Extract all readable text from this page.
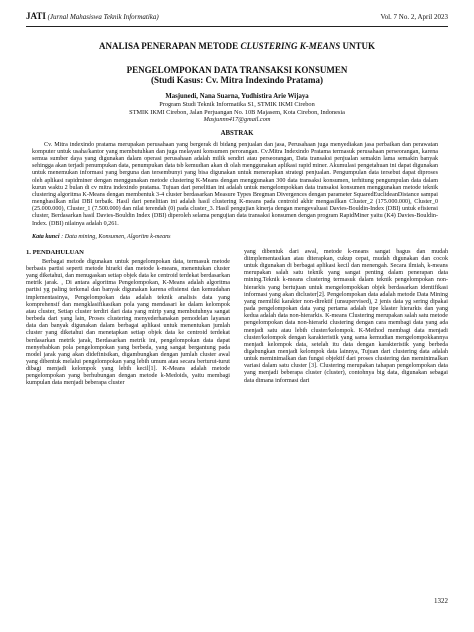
JATI (Jurnal Mahasiswa Teknik Informatika)	Vol. 7 No. 2, April 2023
ANALISA PENERAPAN METODE CLUSTERING K-MEANS UNTUK
PENGELOMPOKAN DATA TRANSAKSI KONSUMEN
(Studi Kasus: Cv. Mitra Indexindo Pratama)
Masjunedi, Nana Suarna, Yudhistira Arie Wijaya
Program Studi Teknik Informatika S1, STMIK IKMI Cirebon
STMIK IKMI Cirebon, Jalan Perjuangan No. 10B Majasem, Kota Cirebon, Indonesia
Masjunnn417@gmail.com
ABSTRAK
Cv. Mitra indexindo pratama merupakan perusahaan yang bergerak di bidang penjualan dan jasa, Perusahaan juga menyediakan jasa perbaikan dan perawatan komputer untuk usaha/kantor yang membutuhkan dan juga melayani konsumen perorangan. Cv.Mitra Indexindo Pratama termasuk perusahaan perseorangan, karena semua sumber daya yang digunakan dalam operasi perusahaan adalah milik sendiri atau perseorangan, Data transaksi penjualan semakin lama semakin banyak sehingga akan terjadi penumpukan data, penumpukan data tsb kemudian akan di olah menggunakan aplikasi rapid miner. Akumulasi pengetahuan ini dapat digunakan untuk menemukan informasi yang berguna dan tersembunyi yang bisa digunakan untuk menerapkan strategi penjualan. Pengumpulan data tersebut dapat diproses oleh aplikasi rapidminer dengan menggunakan metode clustering K-Means dengan menggunakan 300 data transaksi konsumen, terhitung pengumpulan data dalam kurun waktu 2 bulan di cv mitra indexindo pratama. Tujuan dari penelitian ini adalah untuk mengelompokkan data transaksi konsumen menggunakan metode teknik clustering algoritma K-Means dengan membentuk 3-4 cluster berdasarkan Measure Types Bregman Divergences dengan parameter SquaredEuclideanDistance sampai menghasilkan nilai DBI terbaik. Hasil dari penelitian ini adalah hasil clustering K-means pada centroid akhir mengasilkan Cluster_2 (175.000.000), Cluster_0 (25.000.000), Cluster_1 (7.500.000) dan nilai terendah (0) pada cluster_3. Hasil pengujian kinerja dengan mengevaluasi Davies-Bouldin-Index (DBI) untuk efisiensi cluster, Berdasarkan hasil Davies-Bouldin Index (DBI) diperoleh selama pengujian data transaksi konsumen dengan program RapidMiner yaitu (K4) Davies-Bouldin-Index. (DBI) nilainya adalah 0,261.
Kata kunci : Data mining, Konsumen, Algoritm k-means
1. PENDAHULUAN

Berbagai metode digunakan untuk pengelompokan data, termasuk metode berbasis partisi seperti metode hirarki dan metode k-means, menentukan cluster yang diketahui, dan menugaskan setiap objek data ke centroid terdekat berdasarkan metrik jarak. , Di antara algoritma Pengelompokan, K-Means adalah algoritma partisi yg paling terkenal dan banyak digunakan karena efisiensi dan kemudahan implementasinya, Pengelompokan data adalah teknik analisis data yang komprehensif dan mengklasifikasikan pola yang mendasari ke dalam kelompok atau cluster, Setiap cluster terdiri dari data yang mirip yang membutuhnya sangat berbeda dari yang lain, Proses clustering menyederhanakan pemodelan layanan data dan banyak digunakan dalam berbagai aplikasi untuk menentukan jumlah cluster yang diketahui dan menetapkan setiap objek data ke centroid terdekat berdasarkan metrik jarak, Berdasarkan metrik ini, pengelompokan data dapat menyebabkan pola pengelompokan yang berbeda, yang sangat bergantung pada model jarak yang akan didefinisikan, digambungkan dengan jumlah cluster awal yang dibentuk melalui pengelompokan yang lebih umum atau secara berturut-turut dibagi menjadi kelompok yang lebih kecil[1]. K-Means adalah metode pengelompokan yang berhubungan dengan metode k-Medoids, yaitu membagi kumpulan data menjadi beberapa cluster

yang dibentuk dari awal, metode k-means sangat bagus dan mudah diimplementasikan atau diterapkan, cukup cepat, mudah digunakan dan cocok untuk digunakan di berbagai aplikasi kecil dan menengah. Secara ilmiah, k-means merupakan salah satu teknik yang sangat penting dalam penerapan data mining.Teknik k-means clustering termasuk dalam teknik pengelompokan non-hierarkis yang bertujuan untuk mengelompokkan objek berdasarkan identifikasi informasi yang akan dicluster[2]. Pengelompokan data adalah metode Data Mining yang memiliki karakter non-direktif (unsupervised), 2 jenis data yg sering dipakai pada pengelompokan data yang pertama adalah tipe klaster hierarkis dan yang kedua adalah data non-hierarkis. K-means Clustering merupakan salah satu metode pengelompokan data non-hierarki clustering dengan cara membagi data yang ada menjadi satu atau lebih cluster/kelompok. K-Method membagi data menjadi cluster/kelompok dengan karakteristik yang sama kemudian mengelompokkannya menjadi kelompok data, setelah itu data dengan karakteristik yang berbeda digabungkan menjadi kelompok data lainnya, Tujuan dari clustering data adalah untuk meminimalkan dan fungsi objektif dari proses clustering dan meminimalkan variasi dalam satu cluster [3]. Clustering merupakan tahapan pengelompokan data yang menjadi beberapa cluster (cluster), contohnya big data, digunakan sebagai data dimana informasi dari

1322
